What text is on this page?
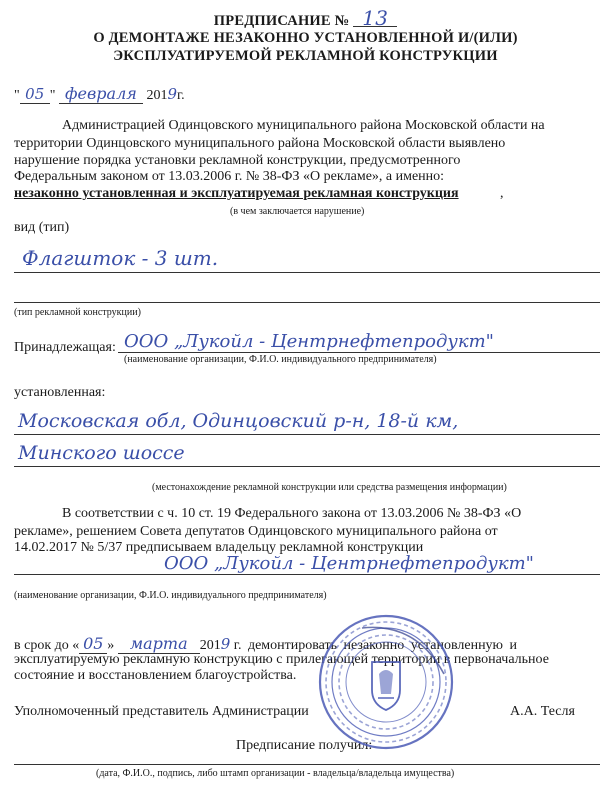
ПРЕДПИСАНИЕ № 13
О ДЕМОНТАЖЕ НЕЗАКОННО УСТАНОВЛЕННОЙ И/(ИЛИ)
ЭКСПЛУАТИРУЕМОЙ РЕКЛАМНОЙ КОНСТРУКЦИИ
" 05 " февраля 2019г.
Администрацией Одинцовского муниципального района Московской области на
территории Одинцовского муниципального района Московской области выявлено
нарушение порядка установки рекламной конструкции, предусмотренного
Федеральным законом от 13.03.2006 г. № 38-ФЗ «О рекламе», а именно:
незаконно установленная и эксплуатируемая рекламная конструкция	,
(в чем заключается нарушение)
вид (тип)
Флагшток - 3 шт.
(тип рекламной конструкции)
Принадлежащая: ООО „Лукойл - Центрнефтепродукт"
(наименование организации, Ф.И.О. индивидуального предпринимателя)
установленная:
Московская обл, Одинцовский р-н, 18-й км,
Минского шоссе
(местонахождение рекламной конструкции или средства размещения информации)
В соответствии с ч. 10 ст. 19 Федерального закона от 13.03.2006 № 38-ФЗ «О
рекламе», решением Совета депутатов Одинцовского муниципального района от
14.02.2017 № 5/37 предписываем владельцу рекламной конструкции
ООО „Лукойл - Центрнефтепродукт"
(наименование организации, Ф.И.О. индивидуального предпринимателя)
в срок до « 05 » марта 2019 г. демонтировать незаконно установленную и
эксплуатируемую рекламную конструкцию с прилегающей территории в первоначальное
состояние и восстановлением благоустройства.
Уполномоченный представитель Администрации	А.А. Тесля
Предписание получил:
(дата, Ф.И.О., подпись, либо штамп организации - владельца/владельца имущества)
